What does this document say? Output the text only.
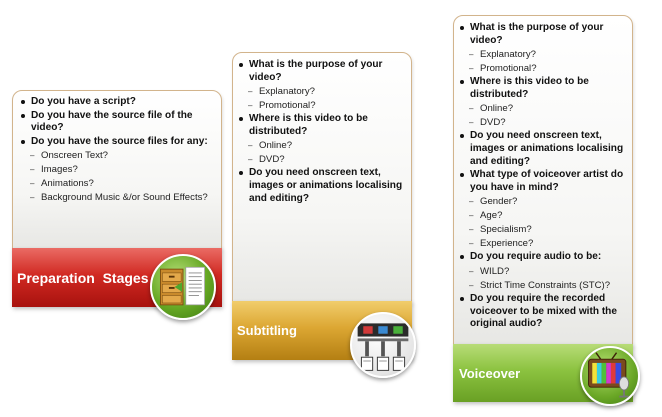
Do you have a script?
Do you have the source file of the video?
Do you have the source files for any:
– Onscreen Text?
– Images?
– Animations?
– Background Music &/or Sound Effects?
Preparation  Stages
What is the purpose of your video?
– Explanatory?
– Promotional?
Where is this video to be distributed?
– Online?
– DVD?
Do you need onscreen text, images or animations localising and editing?
Subtitling
What is the purpose of your video?
– Explanatory?
– Promotional?
Where is this video to be distributed?
– Online?
– DVD?
Do you need onscreen text, images or animations localising and editing?
What type of voiceover artist do you have in mind?
– Gender?
– Age?
– Specialism?
– Experience?
Do you require audio to be:
– WILD?
– Strict Time Constraints (STC)?
Do you require the recorded voiceover to be mixed with the original audio?
Voiceover
